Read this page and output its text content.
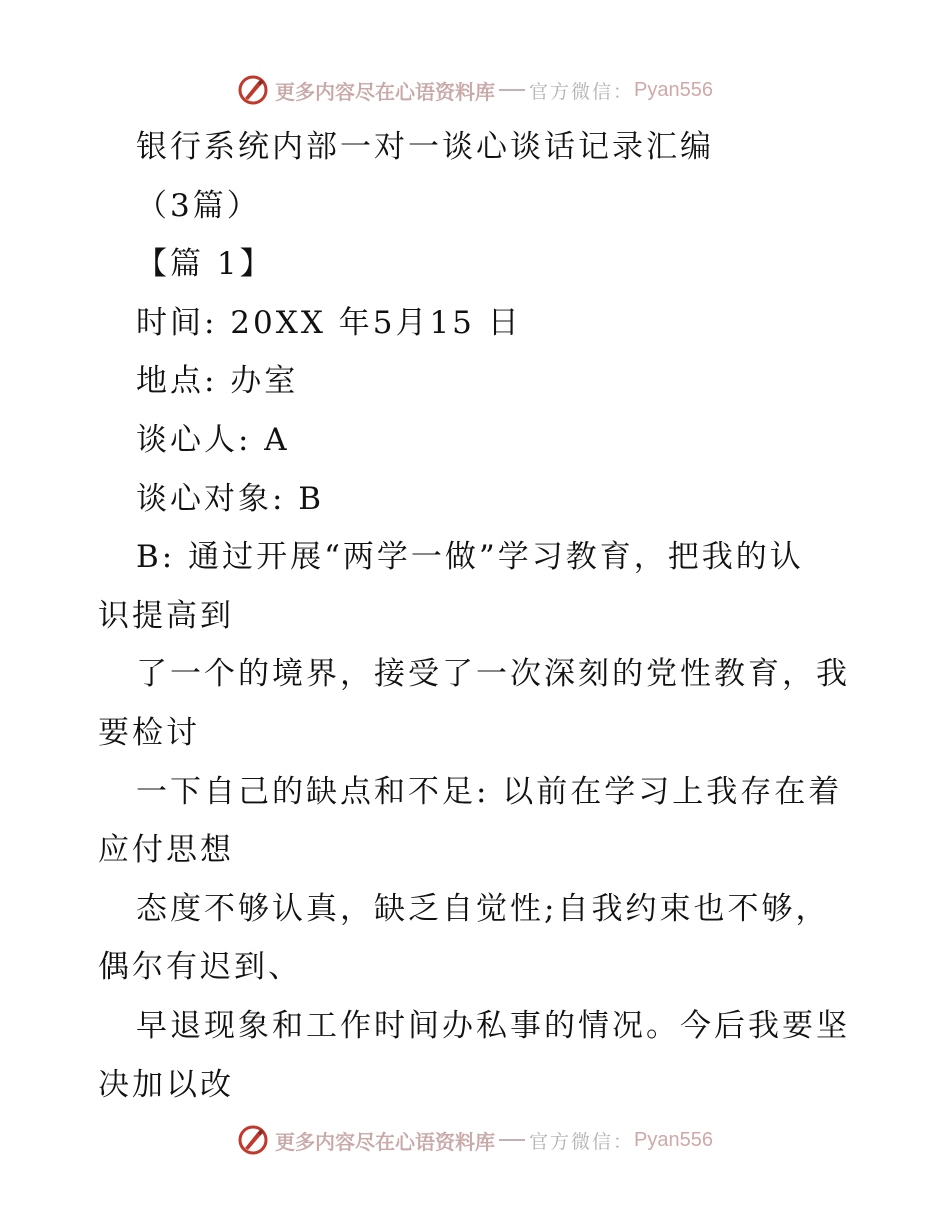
更多内容尽在心语资料库 官方微信： Pyan556
银行系统内部一对一谈心谈话记录汇编
（3篇）
【篇 1】
时间: 20XX 年5月15 日
地点: 办室
谈心人: A
谈心对象: B
B: 通过开展“两学一做”学习教育，把我的认
识提高到
了一个的境界，接受了一次深刻的党性教育，我
要检讨
一下自己的缺点和不足: 以前在学习上我存在着
应付思想
态度不够认真，缺乏自觉性;自我约束也不够，
偶尔有迟到、
早退现象和工作时间办私事的情况。今后我要坚
决加以改
更多内容尽在心语资料库 官方微信： Pyan556
